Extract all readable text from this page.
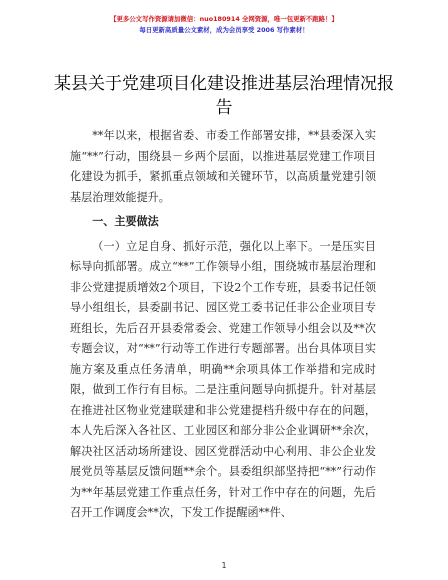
【更多公文写作资源请加微信：nuo180914 全网资源，唯一包更新不跑路！】
每日更新高质量公文素材，成为会员享受 2006 写作素材！
某县关于党建项目化建设推进基层治理情况报告

**年以来，根据省委、市委工作部署安排，**县委深入实施“**”行动，围绕县－乡两个层面，以推进基层党建工作项目化建设为抓手，紧抓重点领域和关键环节，以高质量党建引领基层治理效能提升。

一、主要做法

（一）立足自身、抓好示范，强化以上率下。一是压实目标导向抓部署。成立“**”工作领导小组，围绕城市基层治理和非公党建提质增效2个项目，下设2个工作专班，县委书记任领导小组组长，县委副书记、园区党工委书记任非公企业项目专班组长，先后召开县委常委会、党建工作领导小组会以及**次专题会议，对“**”行动等工作进行专题部署。出台具体项目实施方案及重点任务清单，明确**余项具体工作举措和完成时限，做到工作行有目标。二是注重问题导向抓提升。针对基层在推进社区物业党建联建和非公党建提档升级中存在的问题，本人先后深入各社区、工业园区和部分非公企业调研**余次，解决社区活动场所建设、园区党群活动中心利用、非公企业发展党员等基层反馈问题**余个。县委组织部坚持把“**”行动作为**年基层党建工作重点任务，针对工作中存在的问题，先后召开工作调度会**次，下发工作提醒函**件、

1
